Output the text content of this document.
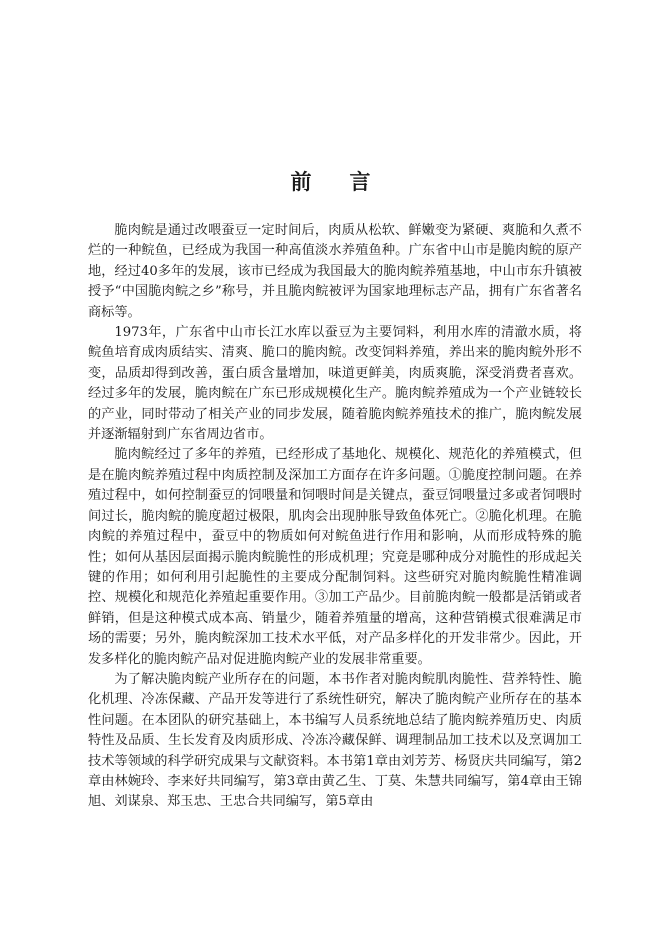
前言

脆肉鲩是通过改喂蚕豆一定时间后，肉质从松软、鲜嫩变为紧硬、爽脆和久煮不烂的一种鲩鱼，已经成为我国一种高值淡水养殖鱼种。广东省中山市是脆肉鲩的原产地，经过40多年的发展，该市已经成为我国最大的脆肉鲩养殖基地，中山市东升镇被授予“中国脆肉鲩之乡”称号，并且脆肉鲩被评为国家地理标志产品，拥有广东省著名商标等。

1973年，广东省中山市长江水库以蚕豆为主要饲料，利用水库的清澈水质，将鲩鱼培育成肉质结实、清爽、脆口的脆肉鲩。改变饲料养殖，养出来的脆肉鲩外形不变，品质却得到改善，蛋白质含量增加，味道更鲜美，肉质爽脆，深受消费者喜欢。经过多年的发展，脆肉鲩在广东已形成规模化生产。脆肉鲩养殖成为一个产业链较长的产业，同时带动了相关产业的同步发展，随着脆肉鲩养殖技术的推广，脆肉鲩发展并逐渐辐射到广东省周边省市。

脆肉鲩经过了多年的养殖，已经形成了基地化、规模化、规范化的养殖模式，但是在脆肉鲩养殖过程中肉质控制及深加工方面存在许多问题。①脆度控制问题。在养殖过程中，如何控制蚕豆的饲喂量和饲喂时间是关键点，蚕豆饲喂量过多或者饲喂时间过长，脆肉鲩的脆度超过极限，肌肉会出现肿胀导致鱼体死亡。②脆化机理。在脆肉鲩的养殖过程中，蚕豆中的物质如何对鲩鱼进行作用和影响，从而形成特殊的脆性；如何从基因层面揭示脆肉鲩脆性的形成机理；究竟是哪种成分对脆性的形成起关键的作用；如何利用引起脆性的主要成分配制饲料。这些研究对脆肉鲩脆性精准调控、规模化和规范化养殖起重要作用。③加工产品少。目前脆肉鲩一般都是活销或者鲜销，但是这种模式成本高、销量少，随着养殖量的增高，这种营销模式很难满足市场的需要；另外，脆肉鲩深加工技术水平低，对产品多样化的开发非常少。因此，开发多样化的脆肉鲩产品对促进脆肉鲩产业的发展非常重要。

为了解决脆肉鲩产业所存在的问题，本书作者对脆肉鲩肌肉脆性、营养特性、脆化机理、冷冻保藏、产品开发等进行了系统性研究，解决了脆肉鲩产业所存在的基本性问题。在本团队的研究基础上，本书编写人员系统地总结了脆肉鲩养殖历史、肉质特性及品质、生长发育及肉质形成、冷冻冷藏保鲜、调理制品加工技术以及烹调加工技术等领域的科学研究成果与文献资料。本书第1章由刘芳芳、杨贤庆共同编写，第2章由林婉玲、李来好共同编写，第3章由黄乙生、丁莫、朱慧共同编写，第4章由王锦旭、刘谋泉、郑玉忠、王忠合共同编写，第5章由
